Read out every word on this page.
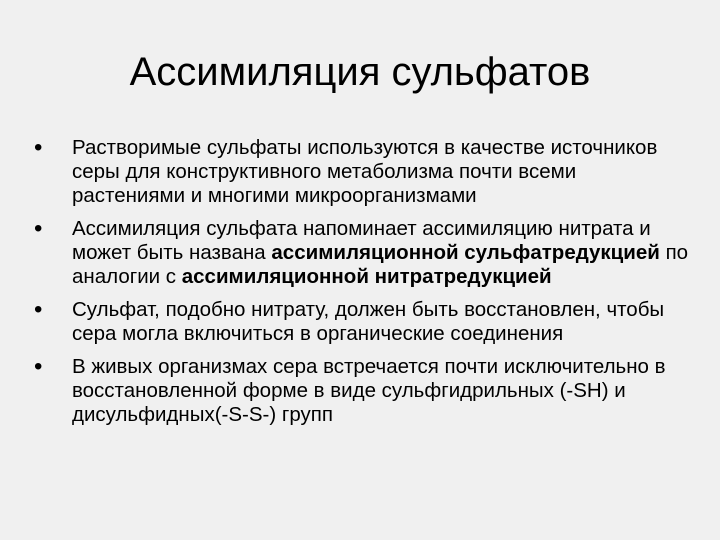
Ассимиляция сульфатов
• Растворимые сульфаты используются в качестве источников серы для конструктивного метаболизма почти всеми растениями и многими микроорганизмами
• Ассимиляция сульфата напоминает ассимиляцию нитрата и может быть названа ассимиляционной сульфатредукцией по аналогии с ассимиляционной нитратредукцией
• Сульфат, подобно нитрату, должен быть восстановлен, чтобы сера могла включиться в органические соединения
• В живых организмах сера встречается почти исключительно в восстановленной форме в виде сульфгидрильных (-SH) и дисульфидных(-S-S-) групп
